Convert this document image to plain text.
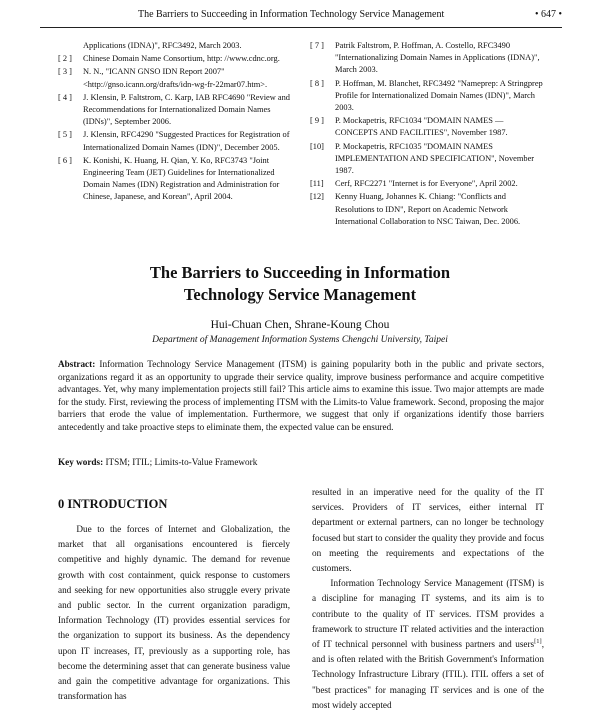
The Barriers to Succeeding in Information Technology Service Management	• 647 •
Applications (IDNA)", RFC3492, March 2003.
[ 2 ]	Chinese Domain Name Consortium, http: //www.cdnc.org.
[ 3 ]	N. N., "ICANN GNSO IDN Report 2007" <http://gnso.icann.org/drafts/idn-wg-fr-22mar07.htm>.
[ 4 ]	J. Klensin, P. Faltstrom, C. Karp, IAB RFC4690 "Review and Recommendations for Internationalized Domain Names (IDNs)", September 2006.
[ 5 ]	J. Klensin, RFC4290 "Suggested Practices for Registration of Internationalized Domain Names (IDN)", December 2005.
[ 6 ]	K. Konishi, K. Huang, H. Qian, Y. Ko, RFC3743 "Joint Engineering Team (JET) Guidelines for Internationalized Domain Names (IDN) Registration and Administration for Chinese, Japanese, and Korean", April 2004.
[ 7 ]	Patrik Faltstrom, P. Hoffman, A. Costello, RFC3490 "Internationalizing Domain Names in Applications (IDNA)", March 2003.
[ 8 ]	P. Hoffman, M. Blanchet, RFC3492 "Nameprep: A Stringprep Profile for Internationalized Domain Names (IDN)", March 2003.
[ 9 ]	P. Mockapetris, RFC1034 "DOMAIN NAMES — CONCEPTS AND FACILITIES", November 1987.
[10]	P. Mockapetris, RFC1035 "DOMAIN NAMES IMPLEMENTATION AND SPECIFICATION", November 1987.
[11]	Cerf, RFC2271 "Internet is for Everyone", April 2002.
[12]	Kenny Huang, Johannes K. Chiang: "Conflicts and Resolutions to IDN", Report on Academic Network International Collaboration to NSC Taiwan, Dec. 2006.
The Barriers to Succeeding in Information
Technology Service Management
Hui-Chuan Chen, Shrane-Koung Chou
Department of Management Information Systems Chengchi University, Taipei
Abstract: Information Technology Service Management (ITSM) is gaining popularity both in the public and private sectors, organizations regard it as an opportunity to upgrade their service quality, improve business performance and acquire competitive advantages. Yet, why many implementation projects still fail? This article aims to examine this issue. Two major attempts are made for the study. First, reviewing the process of implementing ITSM with the Limits-to Value framework. Second, proposing the major barriers that erode the value of implementation. Furthermore, we suggest that only if organizations identify those barriers antecedently and take proactive steps to eliminate them, the expected value can be ensured.
Key words: ITSM; ITIL; Limits-to-Value Framework
0 INTRODUCTION

Due to the forces of Internet and Globalization, the market that all organisations encountered is fiercely competitive and highly dynamic. The demand for revenue growth with cost containment, quick response to customers and seeking for new opportunities also struggle every private and public sector. In the current organization paradigm, Information Technology (IT) provides essential services for the organization to support its business. As the dependency upon IT increases, IT, previously as a supporting role, has become the determining asset that can generate business value and gain the competitive advantage for organizations. This transformation has

resulted in an imperative need for the quality of the IT services. Providers of IT services, either internal IT department or external partners, can no longer be technology focused but start to consider the quality they provide and focus on meeting the requirements and expectations of the customers.

Information Technology Service Management (ITSM) is a discipline for managing IT systems, and its aim is to contribute to the quality of IT services. ITSM provides a framework to structure IT related activities and the interaction of IT technical personnel with business partners and users[1], and is often related with the British Government's Information Technology Infrastructure Library (ITIL). ITIL offers a set of "best practices" for managing IT services and is one of the most widely accepted
